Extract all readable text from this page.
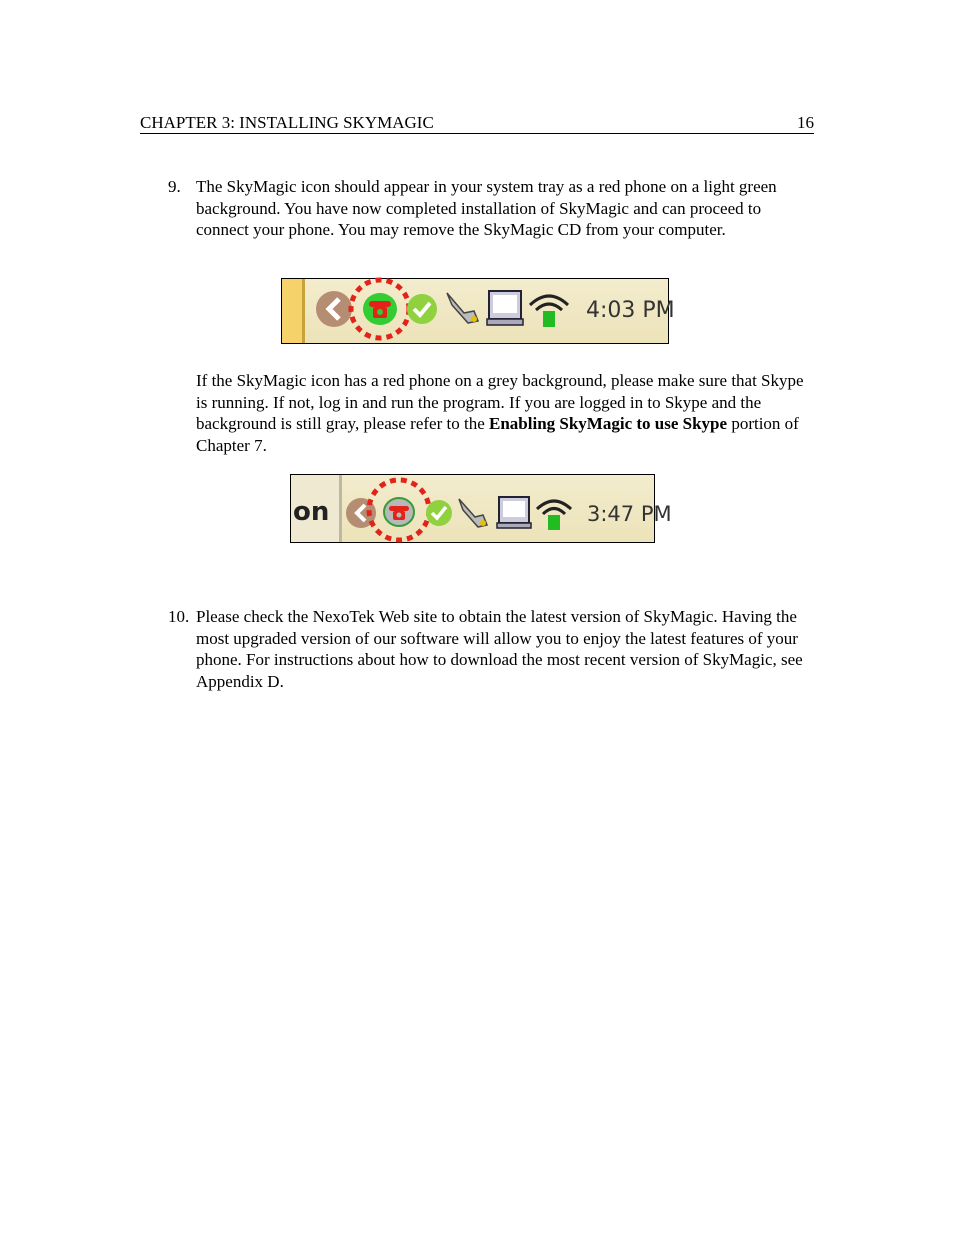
CHAPTER 3: INSTALLING SKYMAGIC	16
9. The SkyMagic icon should appear in your system tray as a red phone on a light green background. You have now completed installation of SkyMagic and can proceed to connect your phone. You may remove the SkyMagic CD from your computer.
4:03 PM
If the SkyMagic icon has a red phone on a grey background, please make sure that Skype is running. If not, log in and run the program. If you are logged in to Skype and the background is still gray, please refer to the Enabling SkyMagic to use Skype portion of Chapter 7.
on	3:47 PM
10. Please check the NexoTek Web site to obtain the latest version of SkyMagic. Having the most upgraded version of our software will allow you to enjoy the latest features of your phone. For instructions about how to download the most recent version of SkyMagic, see Appendix D.
